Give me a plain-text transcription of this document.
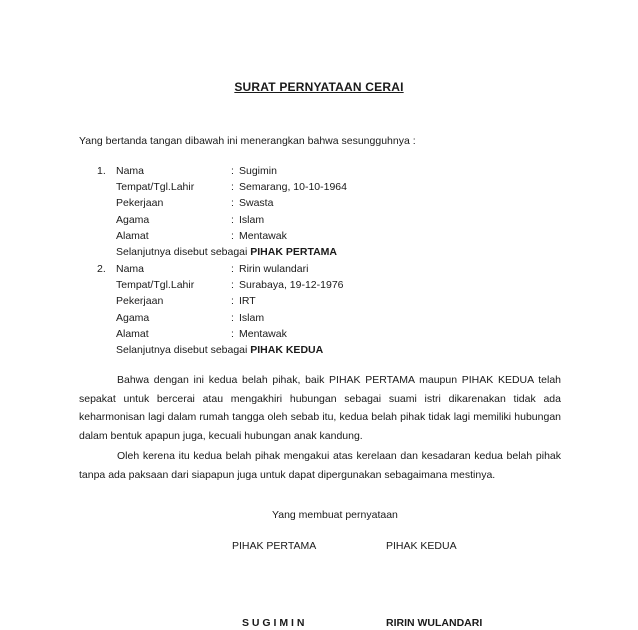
SURAT PERNYATAAN CERAI
Yang bertanda tangan dibawah ini menerangkan bahwa sesungguhnya :
1. Nama	: Sugimin
Tempat/Tgl.Lahir	: Semarang, 10-10-1964
Pekerjaan	: Swasta
Agama	: Islam
Alamat	: Mentawak
Selanjutnya disebut sebagai PIHAK PERTAMA
2. Nama	: Ririn wulandari
Tempat/Tgl.Lahir	: Surabaya, 19-12-1976
Pekerjaan	: IRT
Agama	: Islam
Alamat	: Mentawak
Selanjutnya disebut sebagai PIHAK KEDUA
Bahwa dengan ini kedua belah pihak, baik PIHAK PERTAMA maupun PIHAK KEDUA telah sepakat untuk bercerai atau mengakhiri hubungan sebagai suami istri dikarenakan tidak ada keharmonisan lagi dalam rumah tangga oleh sebab itu, kedua belah pihak tidak lagi memiliki hubungan dalam bentuk apapun juga, kecuali hubungan anak kandung.
Oleh kerena itu kedua belah pihak mengakui atas kerelaan dan kesadaran kedua belah pihak tanpa ada paksaan dari siapapun juga untuk dapat dipergunakan sebagaimana mestinya.
Yang membuat pernyataan
PIHAK PERTAMA	PIHAK KEDUA
S U G I M I N	RIRIN WULANDARI
